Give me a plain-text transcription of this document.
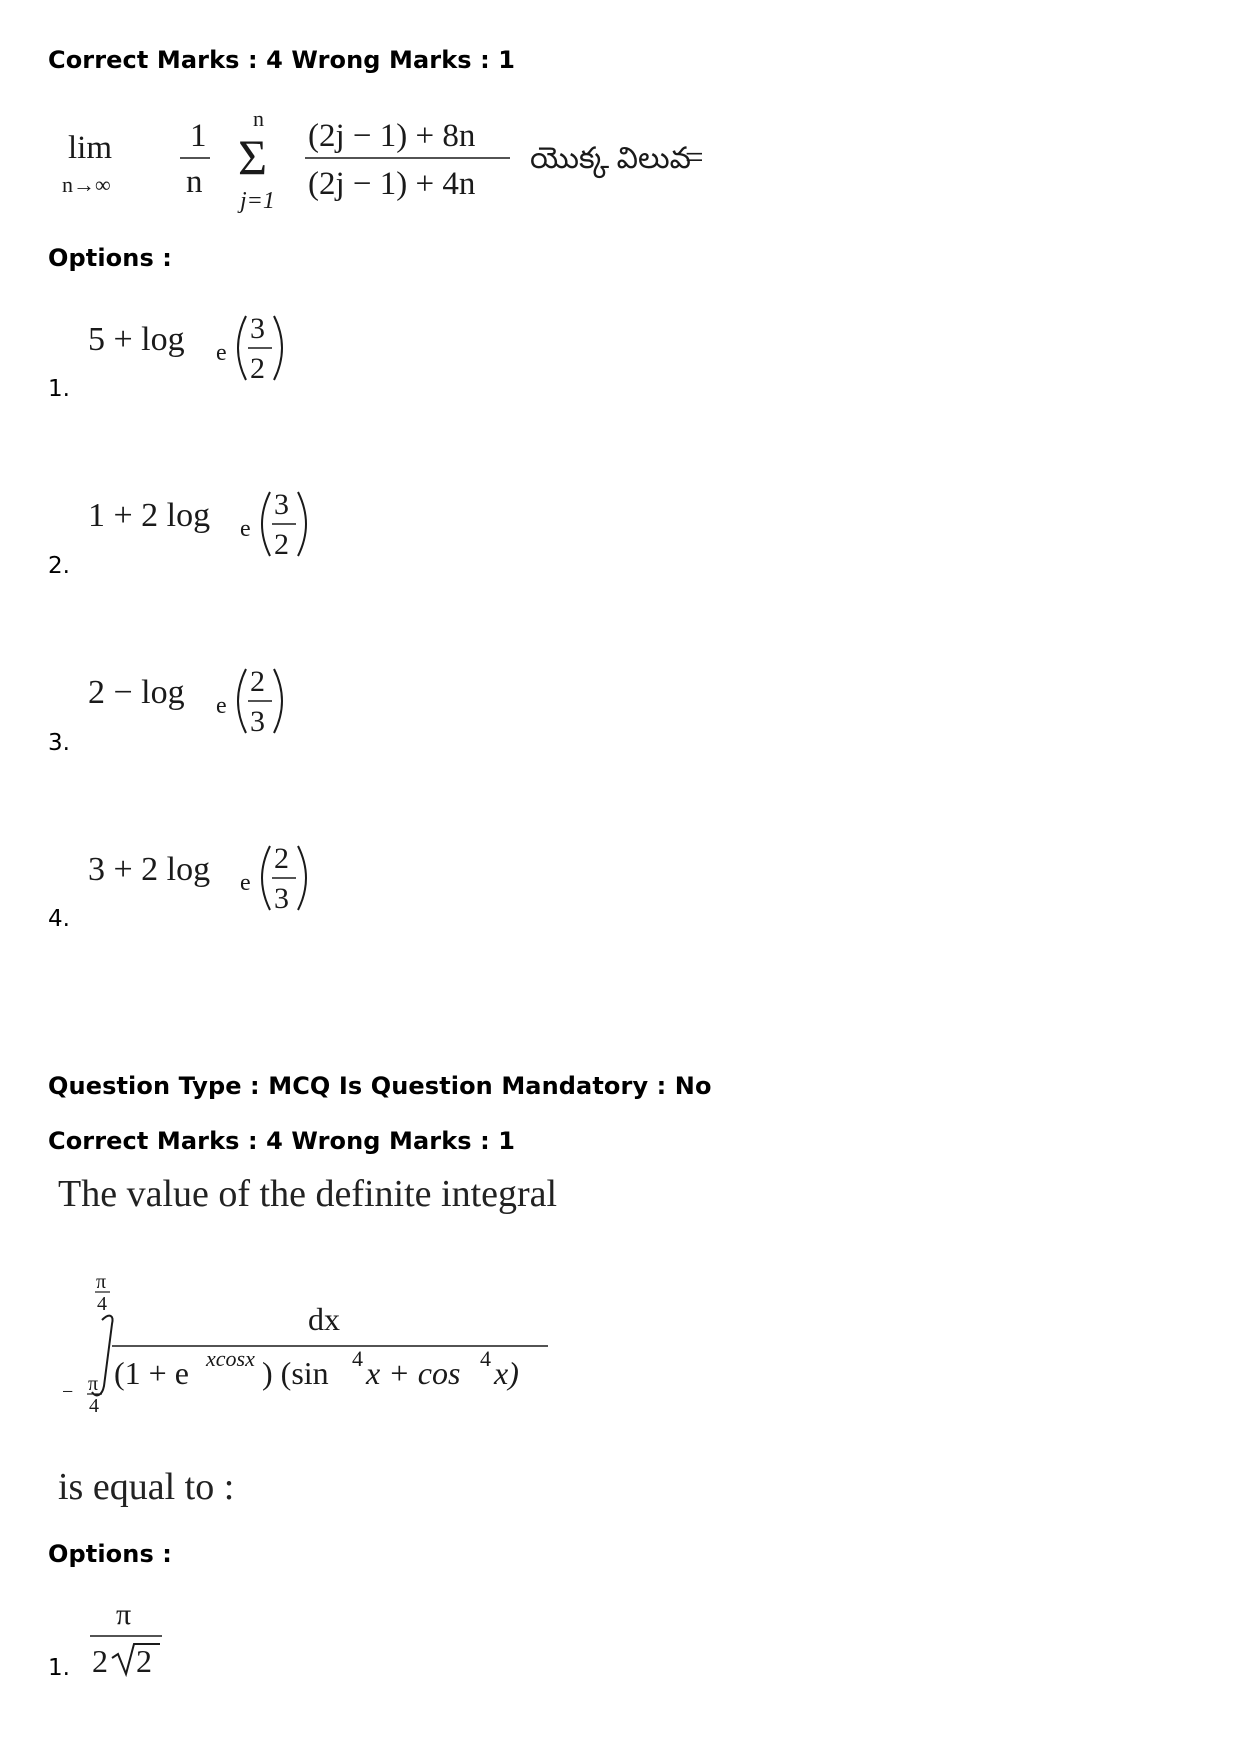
Correct Marks : 4 Wrong Marks : 1
lim
n→∞
1
n
n
Σ
j=1
(2j − 1) + 8n
(2j − 1) + 4n
యొక్క విలువ
=
Options :
1.
5 + log e
3
2
2.
1 + 2 log e
3
2
3.
2 − log e
2
3
4.
3 + 2 log e
2
3
Question Type : MCQ Is Question Mandatory : No
Correct Marks : 4 Wrong Marks : 1
The value of the definite integral
π
4
− π
4
dx
(1 + e xcosx ) (sin 4 x + cos 4 x)
is equal to :
Options :
1.
π
2 2
